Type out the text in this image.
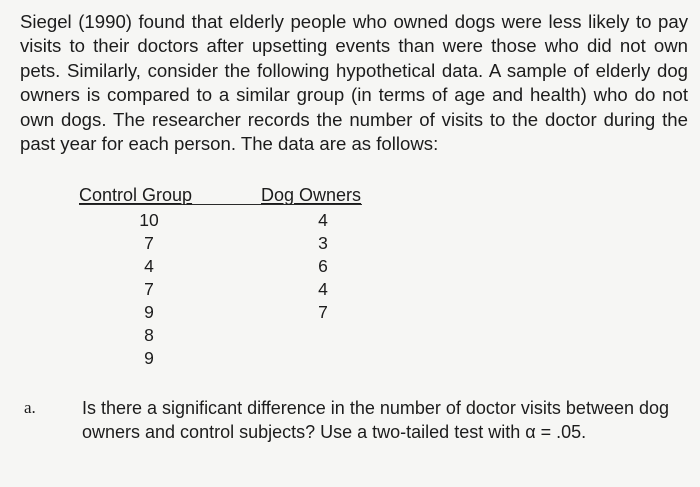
Siegel (1990) found that elderly people who owned dogs were less likely to pay visits to their doctors after upsetting events than were those who did not own pets. Similarly, consider the following hypothetical data. A sample of elderly dog owners is compared to a similar group (in terms of age and health) who do not own dogs. The researcher records the number of visits to the doctor during the past year for each person. The data are as follows:

Control Group	Dog Owners
10
7
4
7
9
8
9
4
3
6
4
7
a.	Is there a significant difference in the number of doctor visits between dog owners and control subjects? Use a two-tailed test with α = .05.
